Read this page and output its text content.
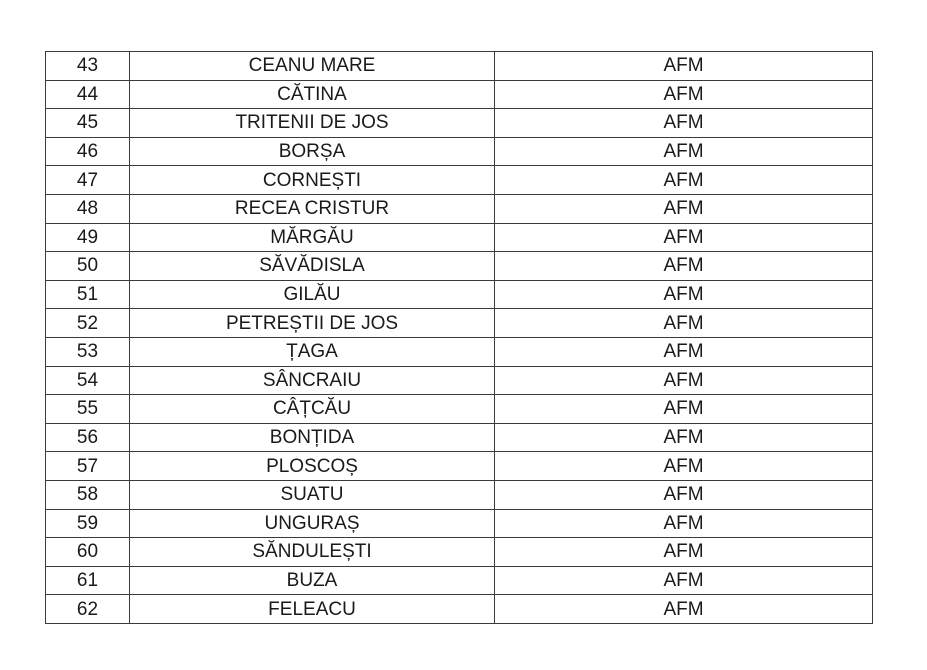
43	CEANU MARE	AFM
44	CĂTINA	AFM
45	TRITENII DE JOS	AFM
46	BORȘA	AFM
47	CORNEȘTI	AFM
48	RECEA CRISTUR	AFM
49	MĂRGĂU	AFM
50	SĂVĂDISLA	AFM
51	GILĂU	AFM
52	PETREȘTII DE JOS	AFM
53	ȚAGA	AFM
54	SÂNCRAIU	AFM
55	CÂȚCĂU	AFM
56	BONȚIDA	AFM
57	PLOSCOȘ	AFM
58	SUATU	AFM
59	UNGURAȘ	AFM
60	SĂNDULEȘTI	AFM
61	BUZA	AFM
62	FELEACU	AFM
